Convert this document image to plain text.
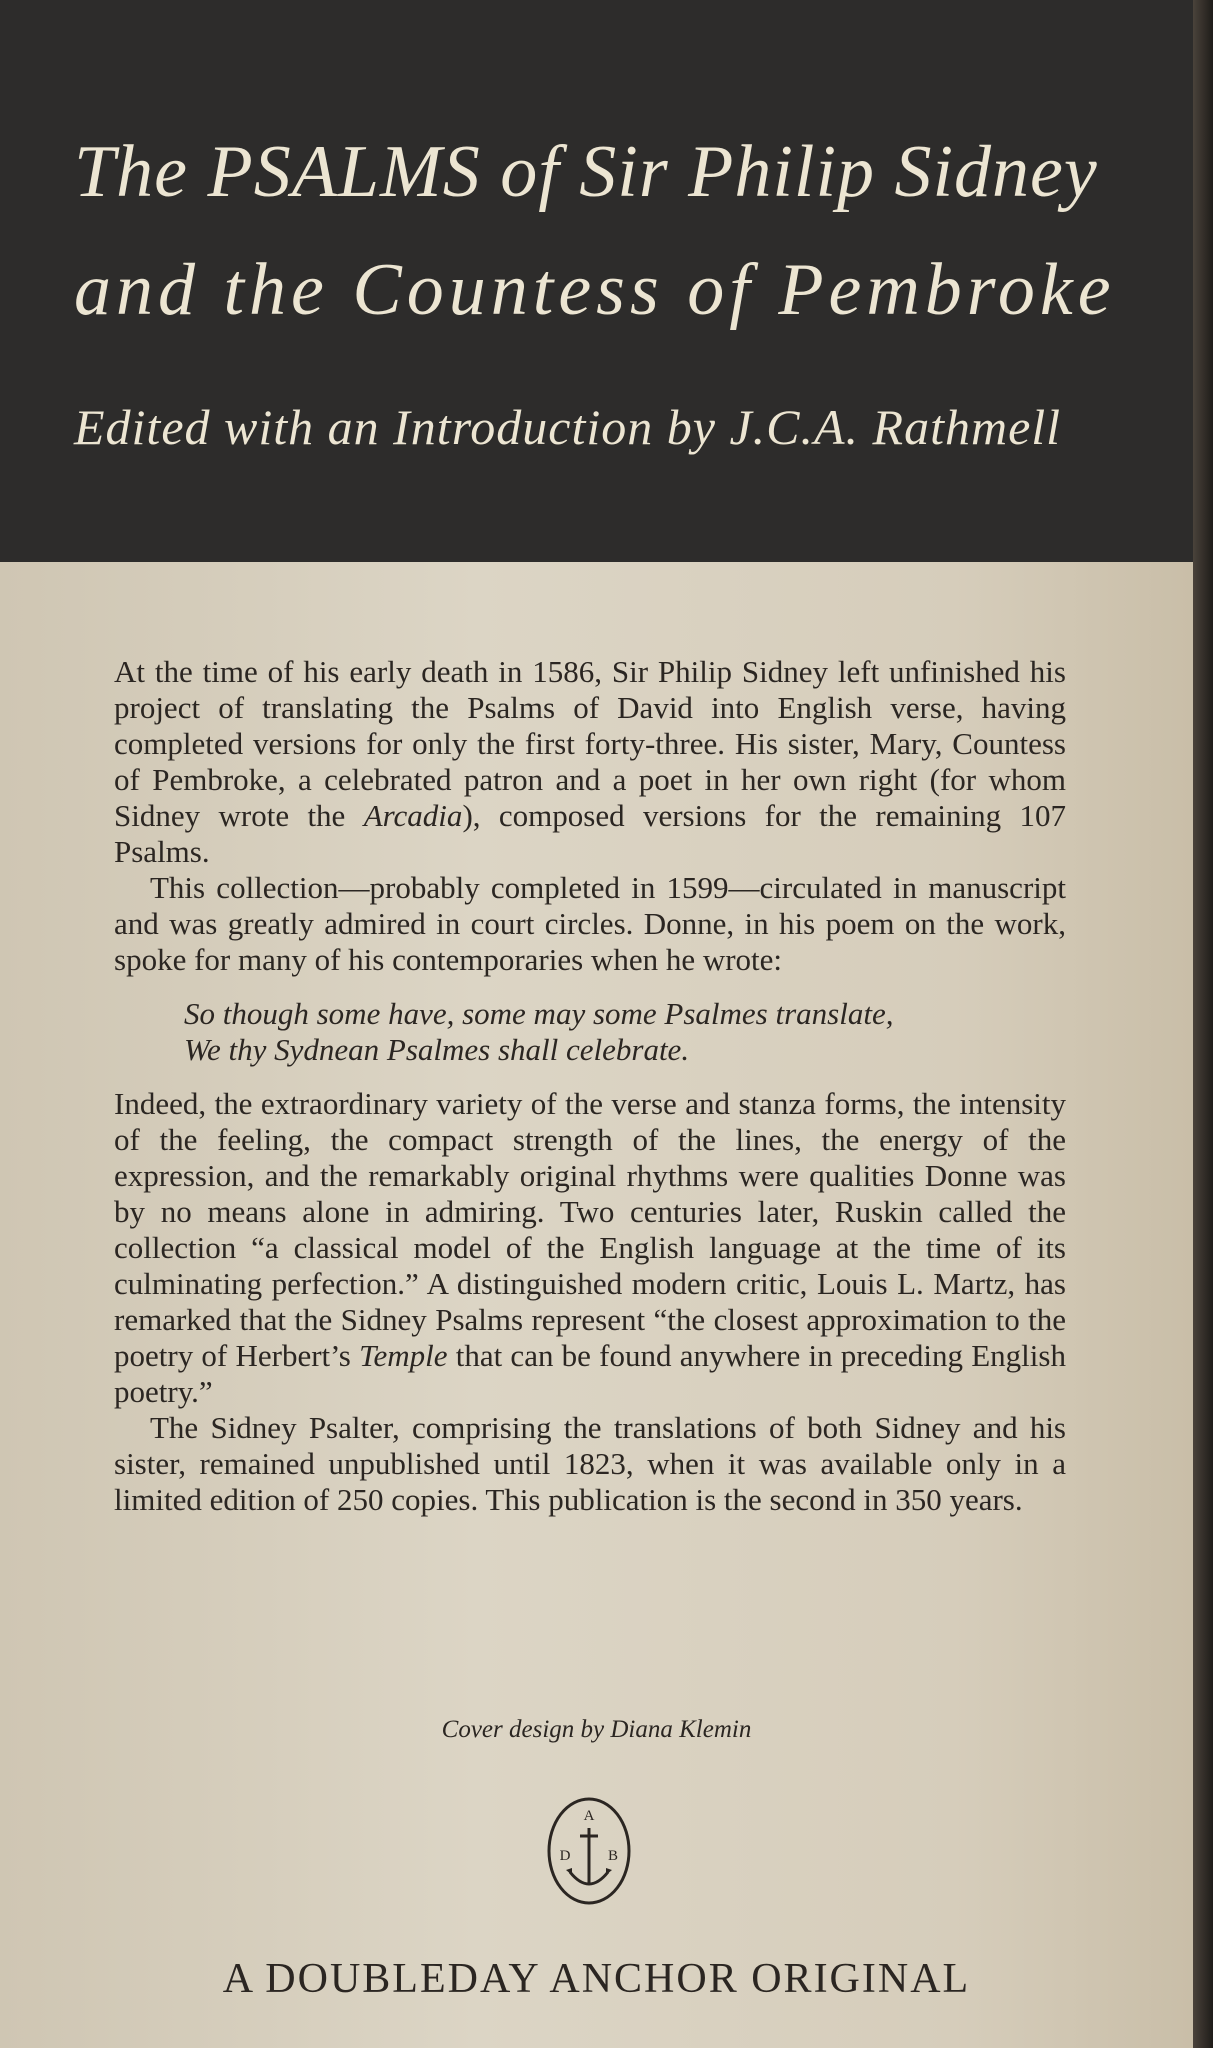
The PSALMS of Sir Philip Sidney
and the Countess of Pembroke
Edited with an Introduction by J.C.A. Rathmell

At the time of his early death in 1586, Sir Philip Sidney left unfinished his project of translating the Psalms of David into English verse, having completed versions for only the first forty-three. His sister, Mary, Countess of Pembroke, a celebrated patron and a poet in her own right (for whom Sidney wrote the Arcadia), composed versions for the remaining 107 Psalms.

This collection—probably completed in 1599—circulated in manuscript and was greatly admired in court circles. Donne, in his poem on the work, spoke for many of his contemporaries when he wrote:

So though some have, some may some Psalmes translate,
We thy Sydnean Psalmes shall celebrate.

Indeed, the extraordinary variety of the verse and stanza forms, the intensity of the feeling, the compact strength of the lines, the energy of the expression, and the remarkably original rhythms were qualities Donne was by no means alone in admiring. Two centuries later, Ruskin called the collection “a classical model of the English language at the time of its culminating perfection.” A distinguished modern critic, Louis L. Martz, has remarked that the Sidney Psalms represent “the closest approximation to the poetry of Herbert’s Temple that can be found anywhere in preceding English poetry.”

The Sidney Psalter, comprising the translations of both Sidney and his sister, remained unpublished until 1823, when it was available only in a limited edition of 250 copies. This publication is the second in 350 years.

Cover design by Diana Klemin
A
D	B
A DOUBLEDAY ANCHOR ORIGINAL
